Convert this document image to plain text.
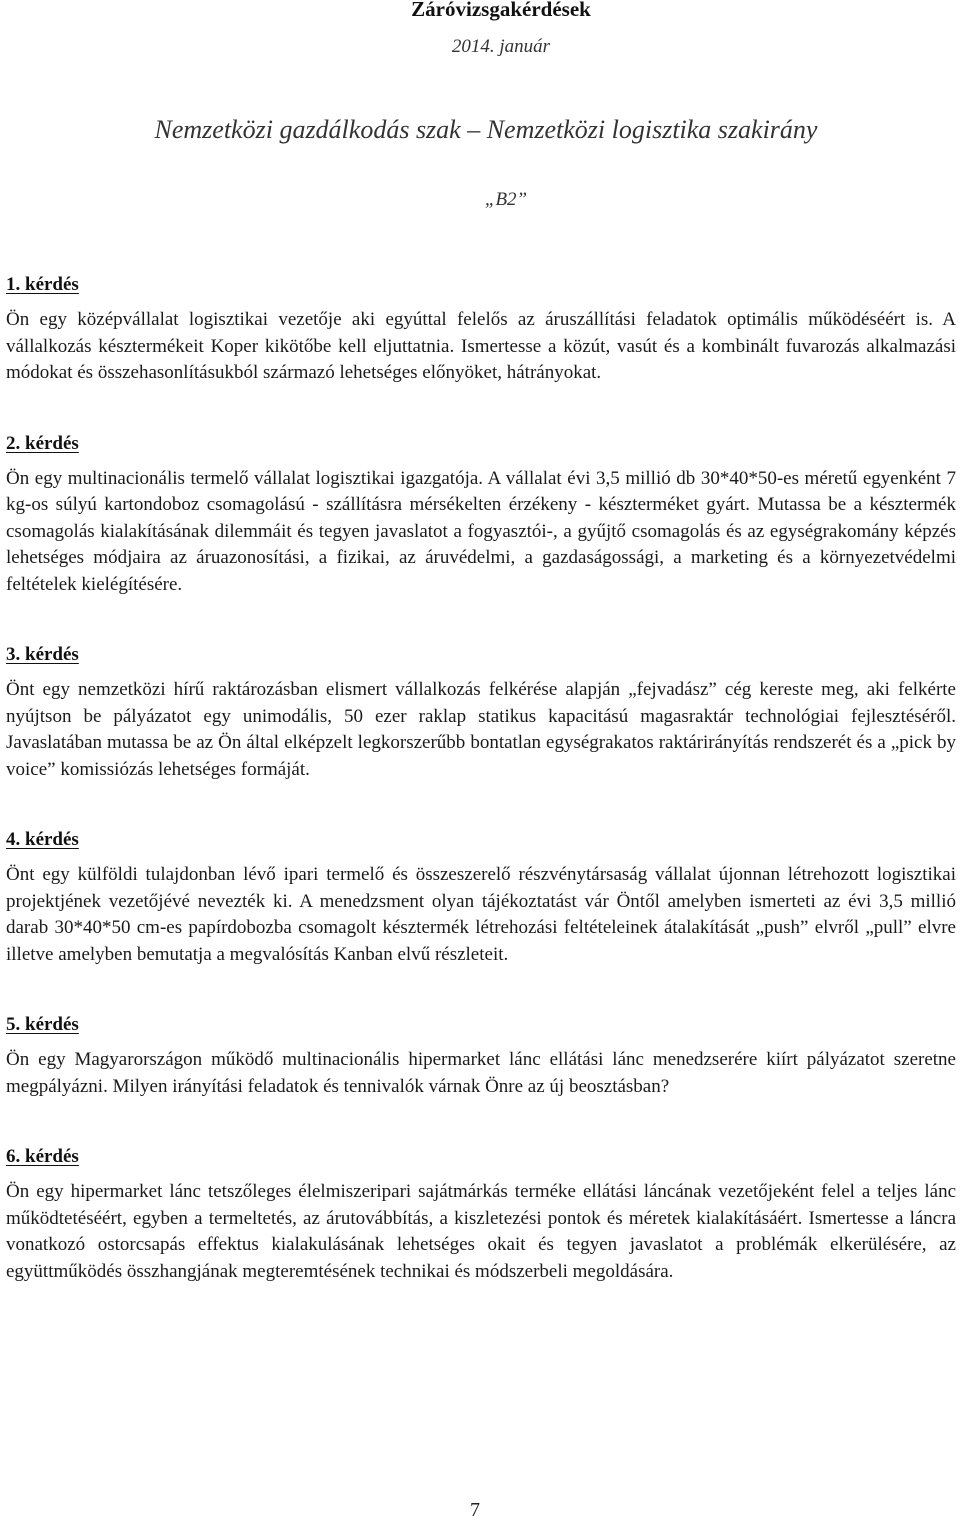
Záróvizsgakérdések
2014. január
Nemzetközi gazdálkodás szak – Nemzetközi logisztika szakirány
„B2”
1. kérdés

Ön egy középvállalat logisztikai vezetője aki egyúttal felelős az áruszállítási feladatok optimális működéséért is. A vállalkozás késztermékeit Koper kikötőbe kell eljuttatnia. Ismertesse a közút, vasút és a kombinált fuvarozás alkalmazási módokat és összehasonlításukból származó lehetséges előnyöket, hátrányokat.

2. kérdés

Ön egy multinacionális termelő vállalat logisztikai igazgatója. A vállalat évi 3,5 millió db 30*40*50-es méretű egyenként 7 kg-os súlyú kartondoboz csomagolású - szállításra mérsékelten érzékeny - készterméket gyárt. Mutassa be a késztermék csomagolás kialakításának dilemmáit és tegyen javaslatot a fogyasztói-, a gyűjtő csomagolás és az egységrakomány képzés lehetséges módjaira az áruazonosítási, a fizikai, az áruvédelmi, a gazdaságossági, a marketing és a környezetvédelmi feltételek kielégítésére.

3. kérdés

Önt egy nemzetközi hírű raktározásban elismert vállalkozás felkérése alapján „fejvadász” cég kereste meg, aki felkérte nyújtson be pályázatot egy unimodális, 50 ezer raklap statikus kapacitású magasraktár technológiai fejlesztéséről. Javaslatában mutassa be az Ön által elképzelt legkorszerűbb bontatlan egységrakatos raktárirányítás rendszerét és a „pick by voice” komissiózás lehetséges formáját.

4. kérdés

Önt egy külföldi tulajdonban lévő ipari termelő és összeszerelő részvénytársaság vállalat újonnan létrehozott logisztikai projektjének vezetőjévé nevezték ki. A menedzsment olyan tájékoztatást vár Öntől amelyben ismerteti az évi 3,5 millió darab 30*40*50 cm-es papírdobozba csomagolt késztermék létrehozási feltételeinek átalakítását „push” elvről „pull” elvre illetve amelyben bemutatja a megvalósítás Kanban elvű részleteit.

5. kérdés

Ön egy Magyarországon működő multinacionális hipermarket lánc ellátási lánc menedzserére kiírt pályázatot szeretne megpályázni. Milyen irányítási feladatok és tennivalók várnak Önre az új beosztásban?

6. kérdés

Ön egy hipermarket lánc tetszőleges élelmiszeripari sajátmárkás terméke ellátási láncának vezetőjeként felel a teljes lánc működtetéséért, egyben a termeltetés, az árutovábbítás, a kiszletezési pontok és méretek kialakításáért. Ismertesse a láncra vonatkozó ostorcsapás effektus kialakulásának lehetséges okait és tegyen javaslatot a problémák elkerülésére, az együttműködés összhangjának megteremtésének technikai és módszerbeli megoldására.

7
